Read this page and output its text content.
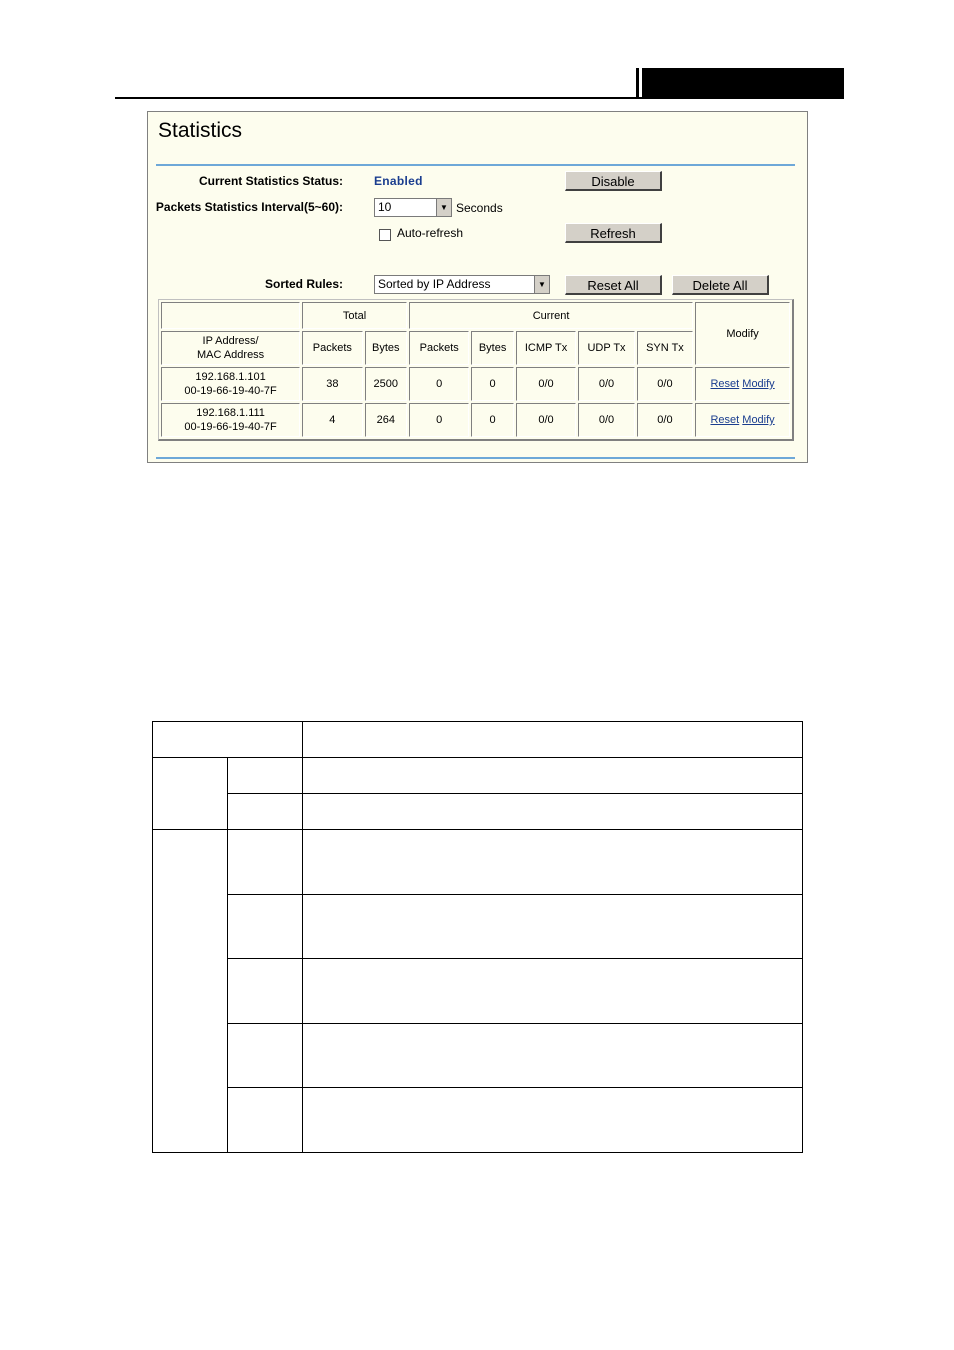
Statistics
Current Statistics Status:	Enabled	Disable
Packets Statistics Interval(5~60):	10	▼ Seconds
Auto-refresh	Refresh
Sorted Rules:	Sorted by IP Address	▼	Reset All	Delete All
	Total		Current					Modify
IP Address/
MAC Address	Packets	Bytes	Packets	Bytes	ICMP Tx	UDP Tx	SYN Tx	
192.168.1.101
00-19-66-19-40-7F	38	2500	0	0	0/0	0/0	0/0	Reset Modify
192.168.1.111
00-19-66-19-40-7F	4	264	0	0	0/0	0/0	0/0	Reset Modify
